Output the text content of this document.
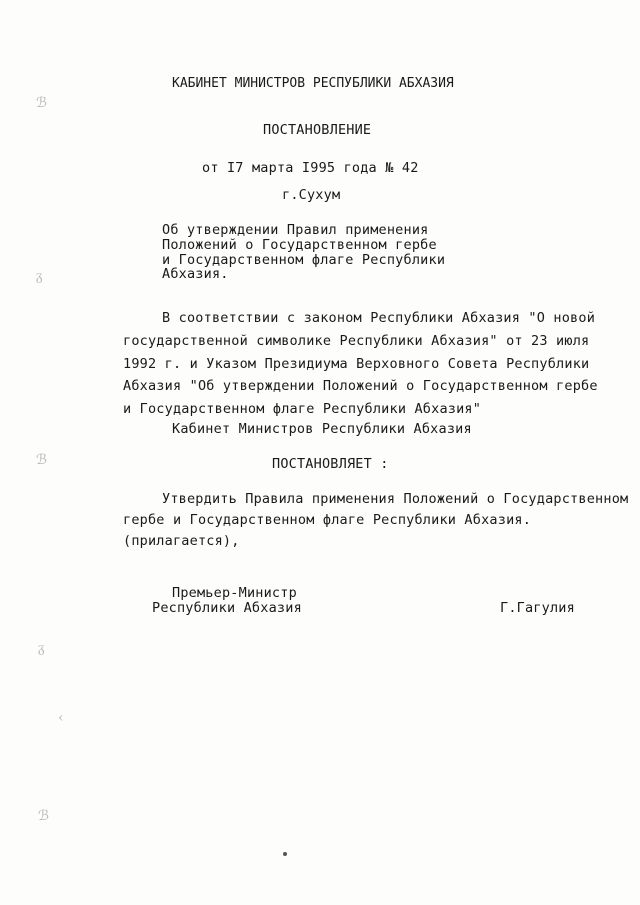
ℬ
ᵹ
ℬ
ᵹ
‹
ℬ
КАБИНЕТ МИНИСТРОВ РЕСПУБЛИКИ АБХАЗИЯ
ПОСТАНОВЛЕНИЕ
от I7 марта I995 года № 42
г.Сухум
Об утверждении Правил применения
Положений о Государственном гербе
и Государственном флаге Республики
Абхазия.
В соответствии с законом Республики Абхазия "О новой
государственной символике Республики Абхазия" от 23 июля
1992 г. и Указом Президиума Верховного Совета Республики
Абхазия "Об утверждении Положений о Государственном гербе
и Государственном флаге Республики Абхазия"
Кабинет Министров Республики Абхазия
ПОСТАНОВЛЯЕТ :
Утвердить Правила применения Положений о Государственном
гербе и Государственном флаге Республики Абхазия.
(прилагается),
Премьер-Министр
Республики Абхазия	Г.Гагулия
